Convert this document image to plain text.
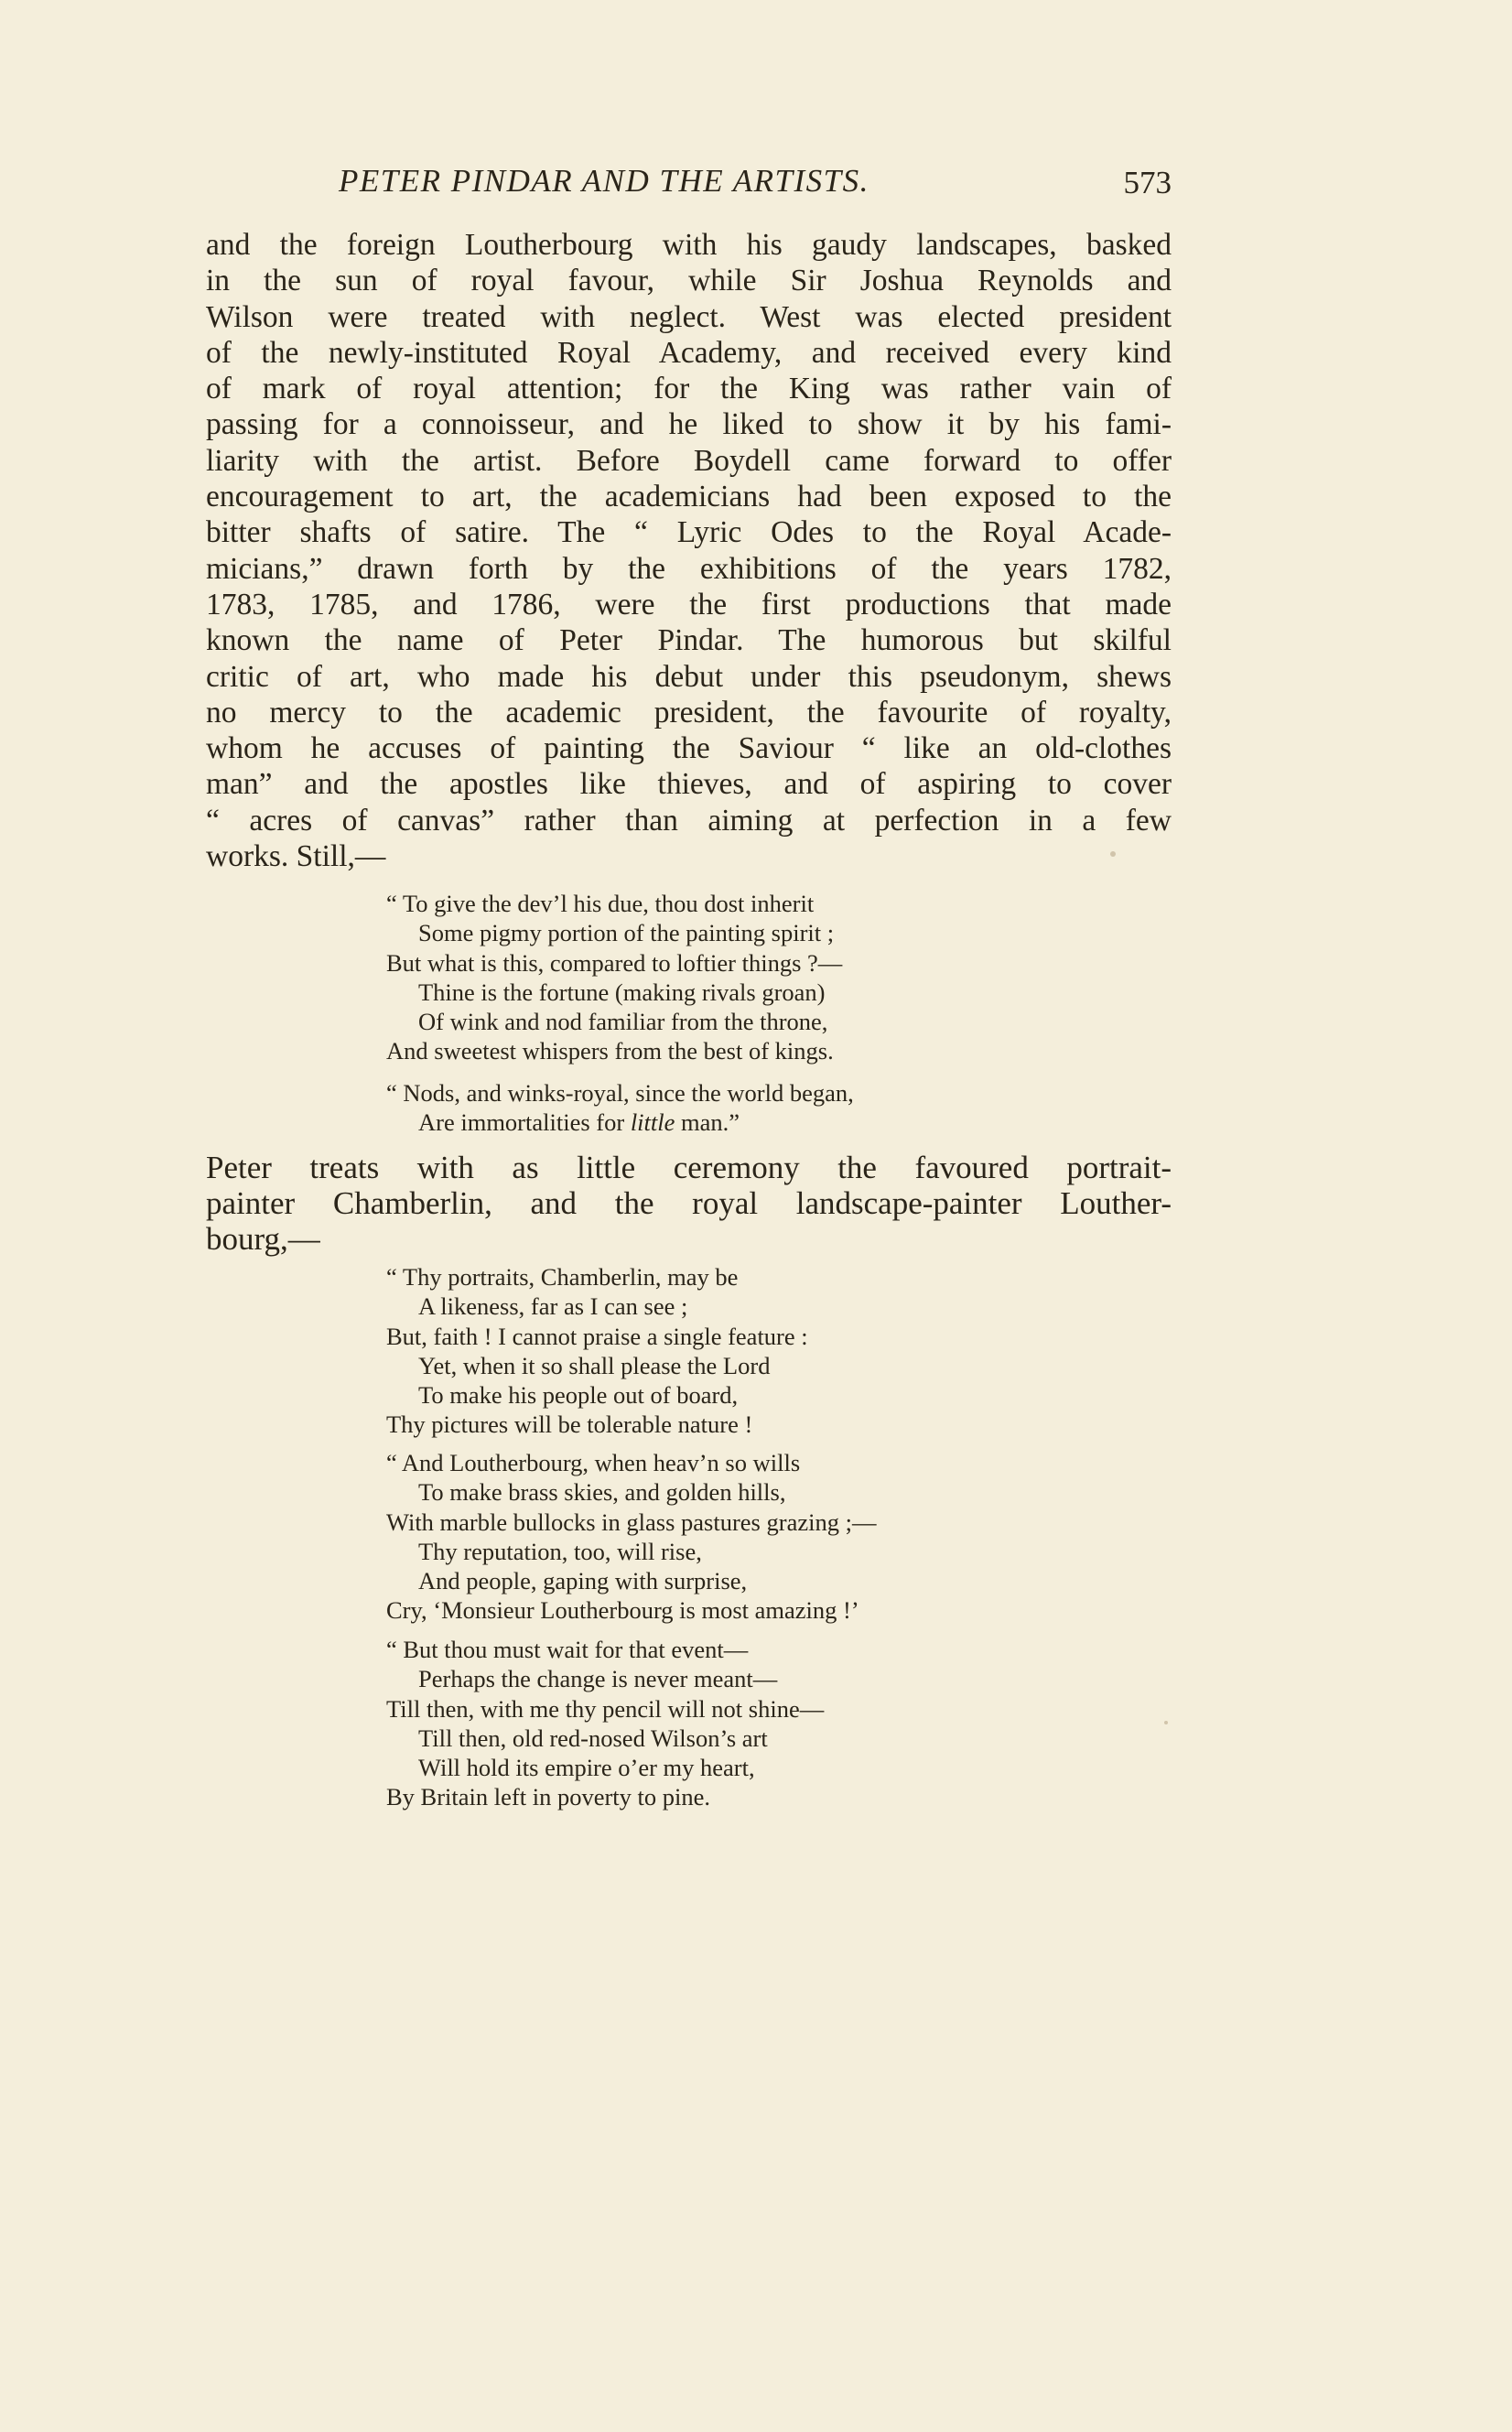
PETER PINDAR AND THE ARTISTS.	573
and the foreign Loutherbourg with his gaudy landscapes, basked
in the sun of royal favour, while Sir Joshua Reynolds and
Wilson were treated with neglect. West was elected president
of the newly-instituted Royal Academy, and received every kind
of mark of royal attention; for the King was rather vain of
passing for a connoisseur, and he liked to show it by his fami-
liarity with the artist. Before Boydell came forward to offer
encouragement to art, the academicians had been exposed to the
bitter shafts of satire. The “ Lyric Odes to the Royal Acade-
micians,” drawn forth by the exhibitions of the years 1782,
1783, 1785, and 1786, were the first productions that made
known the name of Peter Pindar. The humorous but skilful
critic of art, who made his debut under this pseudonym, shews
no mercy to the academic president, the favourite of royalty,
whom he accuses of painting the Saviour “ like an old-clothes
man” and the apostles like thieves, and of aspiring to cover
“ acres of canvas” rather than aiming at perfection in a few
works. Still,—
“ To give the dev’l his due, thou dost inherit
Some pigmy portion of the painting spirit ;
But what is this, compared to loftier things ?—
Thine is the fortune (making rivals groan)
Of wink and nod familiar from the throne,
And sweetest whispers from the best of kings.
“ Nods, and winks-royal, since the world began,
Are immortalities for little man.”
Peter treats with as little ceremony the favoured portrait-
painter Chamberlin, and the royal landscape-painter Louther-
bourg,—
“ Thy portraits, Chamberlin, may be
A likeness, far as I can see ;
But, faith ! I cannot praise a single feature :
Yet, when it so shall please the Lord
To make his people out of board,
Thy pictures will be tolerable nature !
“ And Loutherbourg, when heav’n so wills
To make brass skies, and golden hills,
With marble bullocks in glass pastures grazing ;—
Thy reputation, too, will rise,
And people, gaping with surprise,
Cry, ‘Monsieur Loutherbourg is most amazing !’
“ But thou must wait for that event—
Perhaps the change is never meant—
Till then, with me thy pencil will not shine—
Till then, old red-nosed Wilson’s art
Will hold its empire o’er my heart,
By Britain left in poverty to pine.
